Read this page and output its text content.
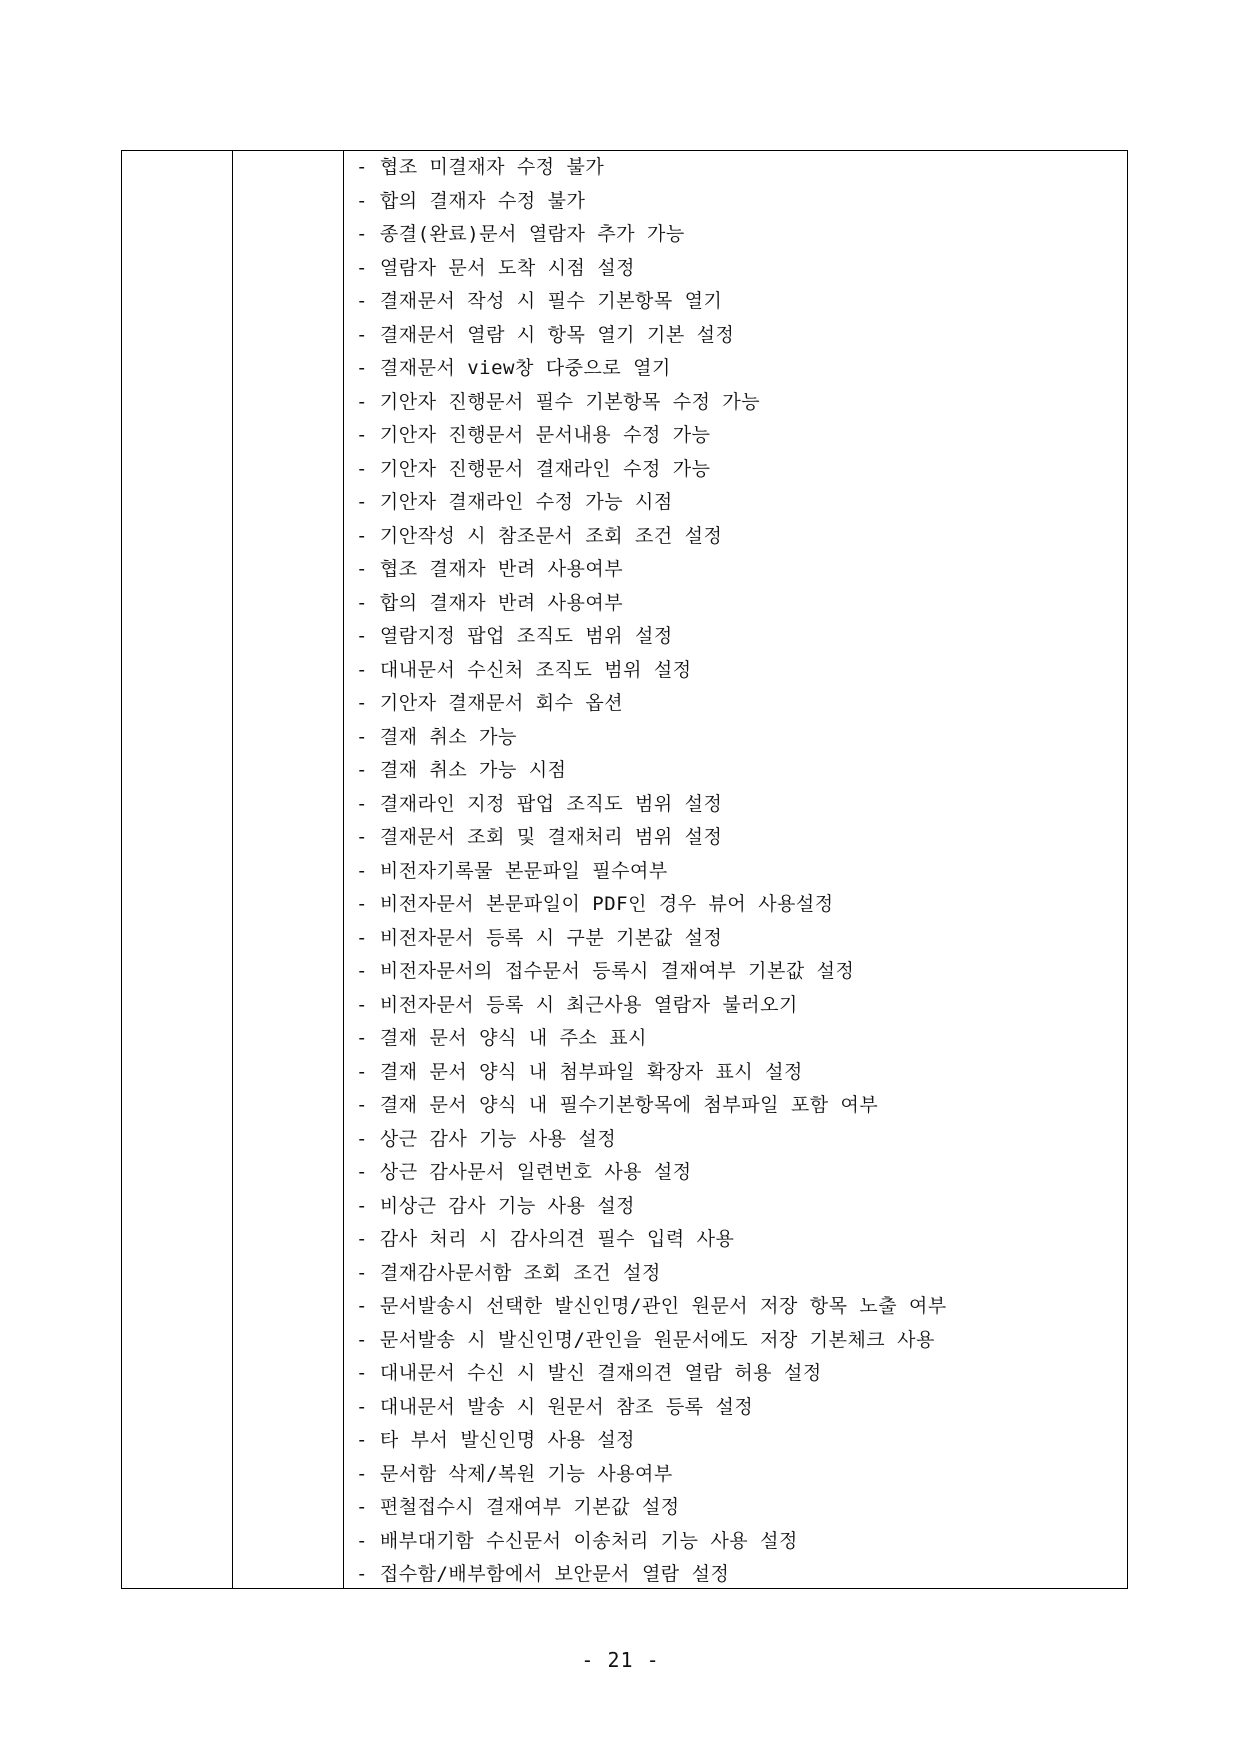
- 협조 미결재자 수정 불가
- 합의 결재자 수정 불가
- 종결(완료)문서 열람자 추가 가능
- 열람자 문서 도착 시점 설정
- 결재문서 작성 시 필수 기본항목 열기
- 결재문서 열람 시 항목 열기 기본 설정
- 결재문서 view창 다중으로 열기
- 기안자 진행문서 필수 기본항목 수정 가능
- 기안자 진행문서 문서내용 수정 가능
- 기안자 진행문서 결재라인 수정 가능
- 기안자 결재라인 수정 가능 시점
- 기안작성 시 참조문서 조회 조건 설정
- 협조 결재자 반려 사용여부
- 합의 결재자 반려 사용여부
- 열람지정 팝업 조직도 범위 설정
- 대내문서 수신처 조직도 범위 설정
- 기안자 결재문서 회수 옵션
- 결재 취소 가능
- 결재 취소 가능 시점
- 결재라인 지정 팝업 조직도 범위 설정
- 결재문서 조회 및 결재처리 범위 설정
- 비전자기록물 본문파일 필수여부
- 비전자문서 본문파일이 PDF인 경우 뷰어 사용설정
- 비전자문서 등록 시 구분 기본값 설정
- 비전자문서의 접수문서 등록시 결재여부 기본값 설정
- 비전자문서 등록 시 최근사용 열람자 불러오기
- 결재 문서 양식 내 주소 표시
- 결재 문서 양식 내 첨부파일 확장자 표시 설정
- 결재 문서 양식 내 필수기본항목에 첨부파일 포함 여부
- 상근 감사 기능 사용 설정
- 상근 감사문서 일련번호 사용 설정
- 비상근 감사 기능 사용 설정
- 감사 처리 시 감사의견 필수 입력 사용
- 결재감사문서함 조회 조건 설정
- 문서발송시 선택한 발신인명/관인 원문서 저장 항목 노출 여부
- 문서발송 시 발신인명/관인을 원문서에도 저장 기본체크 사용
- 대내문서 수신 시 발신 결재의견 열람 허용 설정
- 대내문서 발송 시 원문서 참조 등록 설정
- 타 부서 발신인명 사용 설정
- 문서함 삭제/복원 기능 사용여부
- 편철접수시 결재여부 기본값 설정
- 배부대기함 수신문서 이송처리 기능 사용 설정
- 접수함/배부함에서 보안문서 열람 설정
- 21 -
